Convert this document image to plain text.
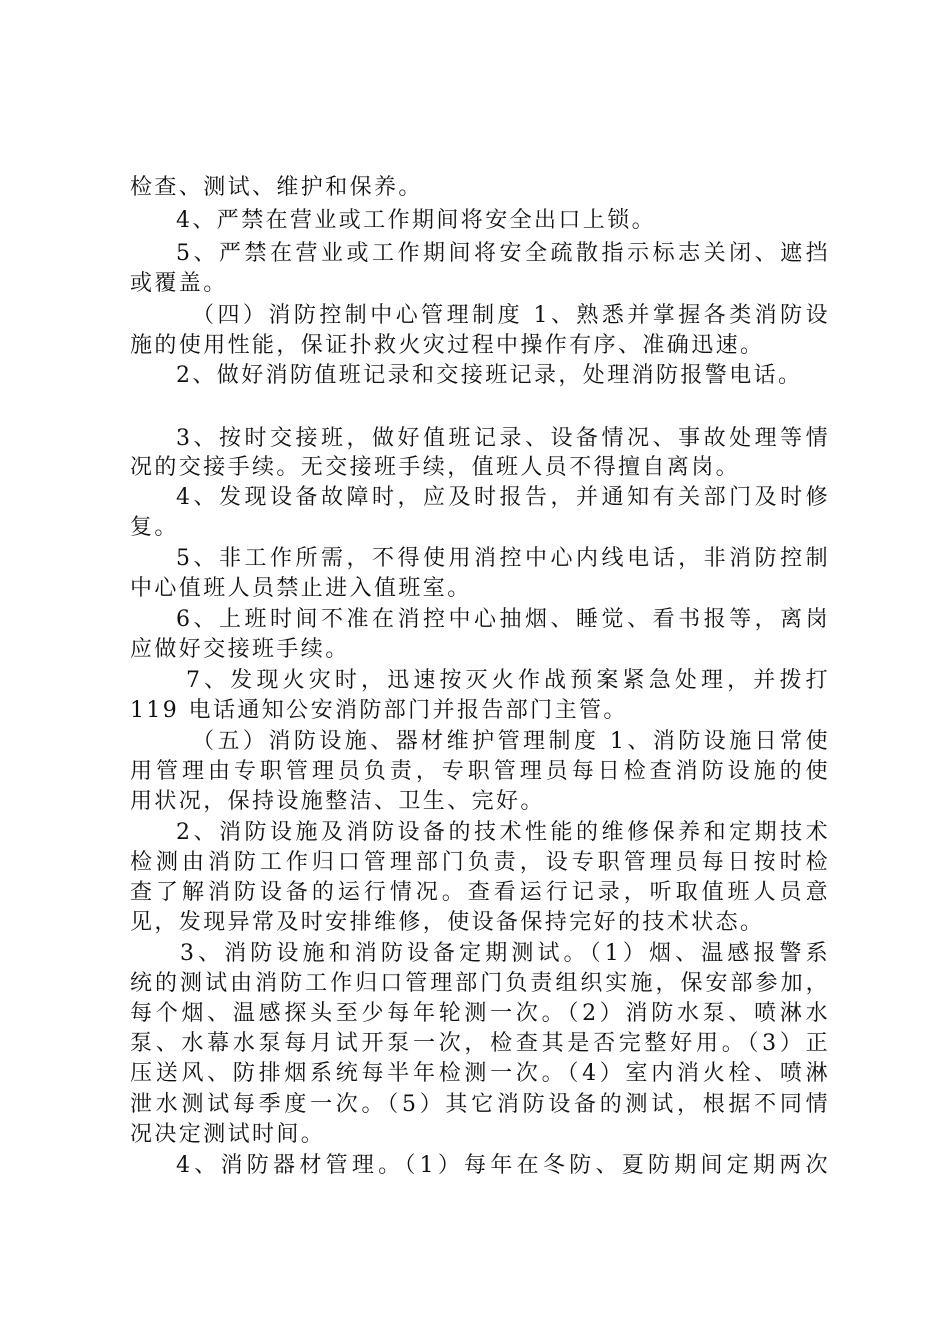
检查、测试、维护和保养。
4、严禁在营业或工作期间将安全出口上锁。
5、严禁在营业或工作期间将安全疏散指示标志关闭、遮挡
或覆盖。
（四）消防控制中心管理制度 1、熟悉并掌握各类消防设
施的使用性能，保证扑救火灾过程中操作有序、准确迅速。
2、做好消防值班记录和交接班记录，处理消防报警电话。
3、按时交接班，做好值班记录、设备情况、事故处理等情
况的交接手续。无交接班手续，值班人员不得擅自离岗。
4、发现设备故障时，应及时报告，并通知有关部门及时修
复。
5、非工作所需，不得使用消控中心内线电话，非消防控制
中心值班人员禁止进入值班室。
6、上班时间不准在消控中心抽烟、睡觉、看书报等，离岗
应做好交接班手续。
7、发现火灾时，迅速按灭火作战预案紧急处理，并拨打
119 电话通知公安消防部门并报告部门主管。
（五）消防设施、器材维护管理制度 1、消防设施日常使
用管理由专职管理员负责，专职管理员每日检查消防设施的使
用状况，保持设施整洁、卫生、完好。
2、消防设施及消防设备的技术性能的维修保养和定期技术
检测由消防工作归口管理部门负责，设专职管理员每日按时检
查了解消防设备的运行情况。查看运行记录，听取值班人员意
见，发现异常及时安排维修，使设备保持完好的技术状态。
3、消防设施和消防设备定期测试。（1）烟、温感报警系
统的测试由消防工作归口管理部门负责组织实施，保安部参加，
每个烟、温感探头至少每年轮测一次。（2）消防水泵、喷淋水
泵、水幕水泵每月试开泵一次，检查其是否完整好用。（3）正
压送风、防排烟系统每半年检测一次。（4）室内消火栓、喷淋
泄水测试每季度一次。（5）其它消防设备的测试，根据不同情
况决定测试时间。
4、消防器材管理。（1）每年在冬防、夏防期间定期两次
